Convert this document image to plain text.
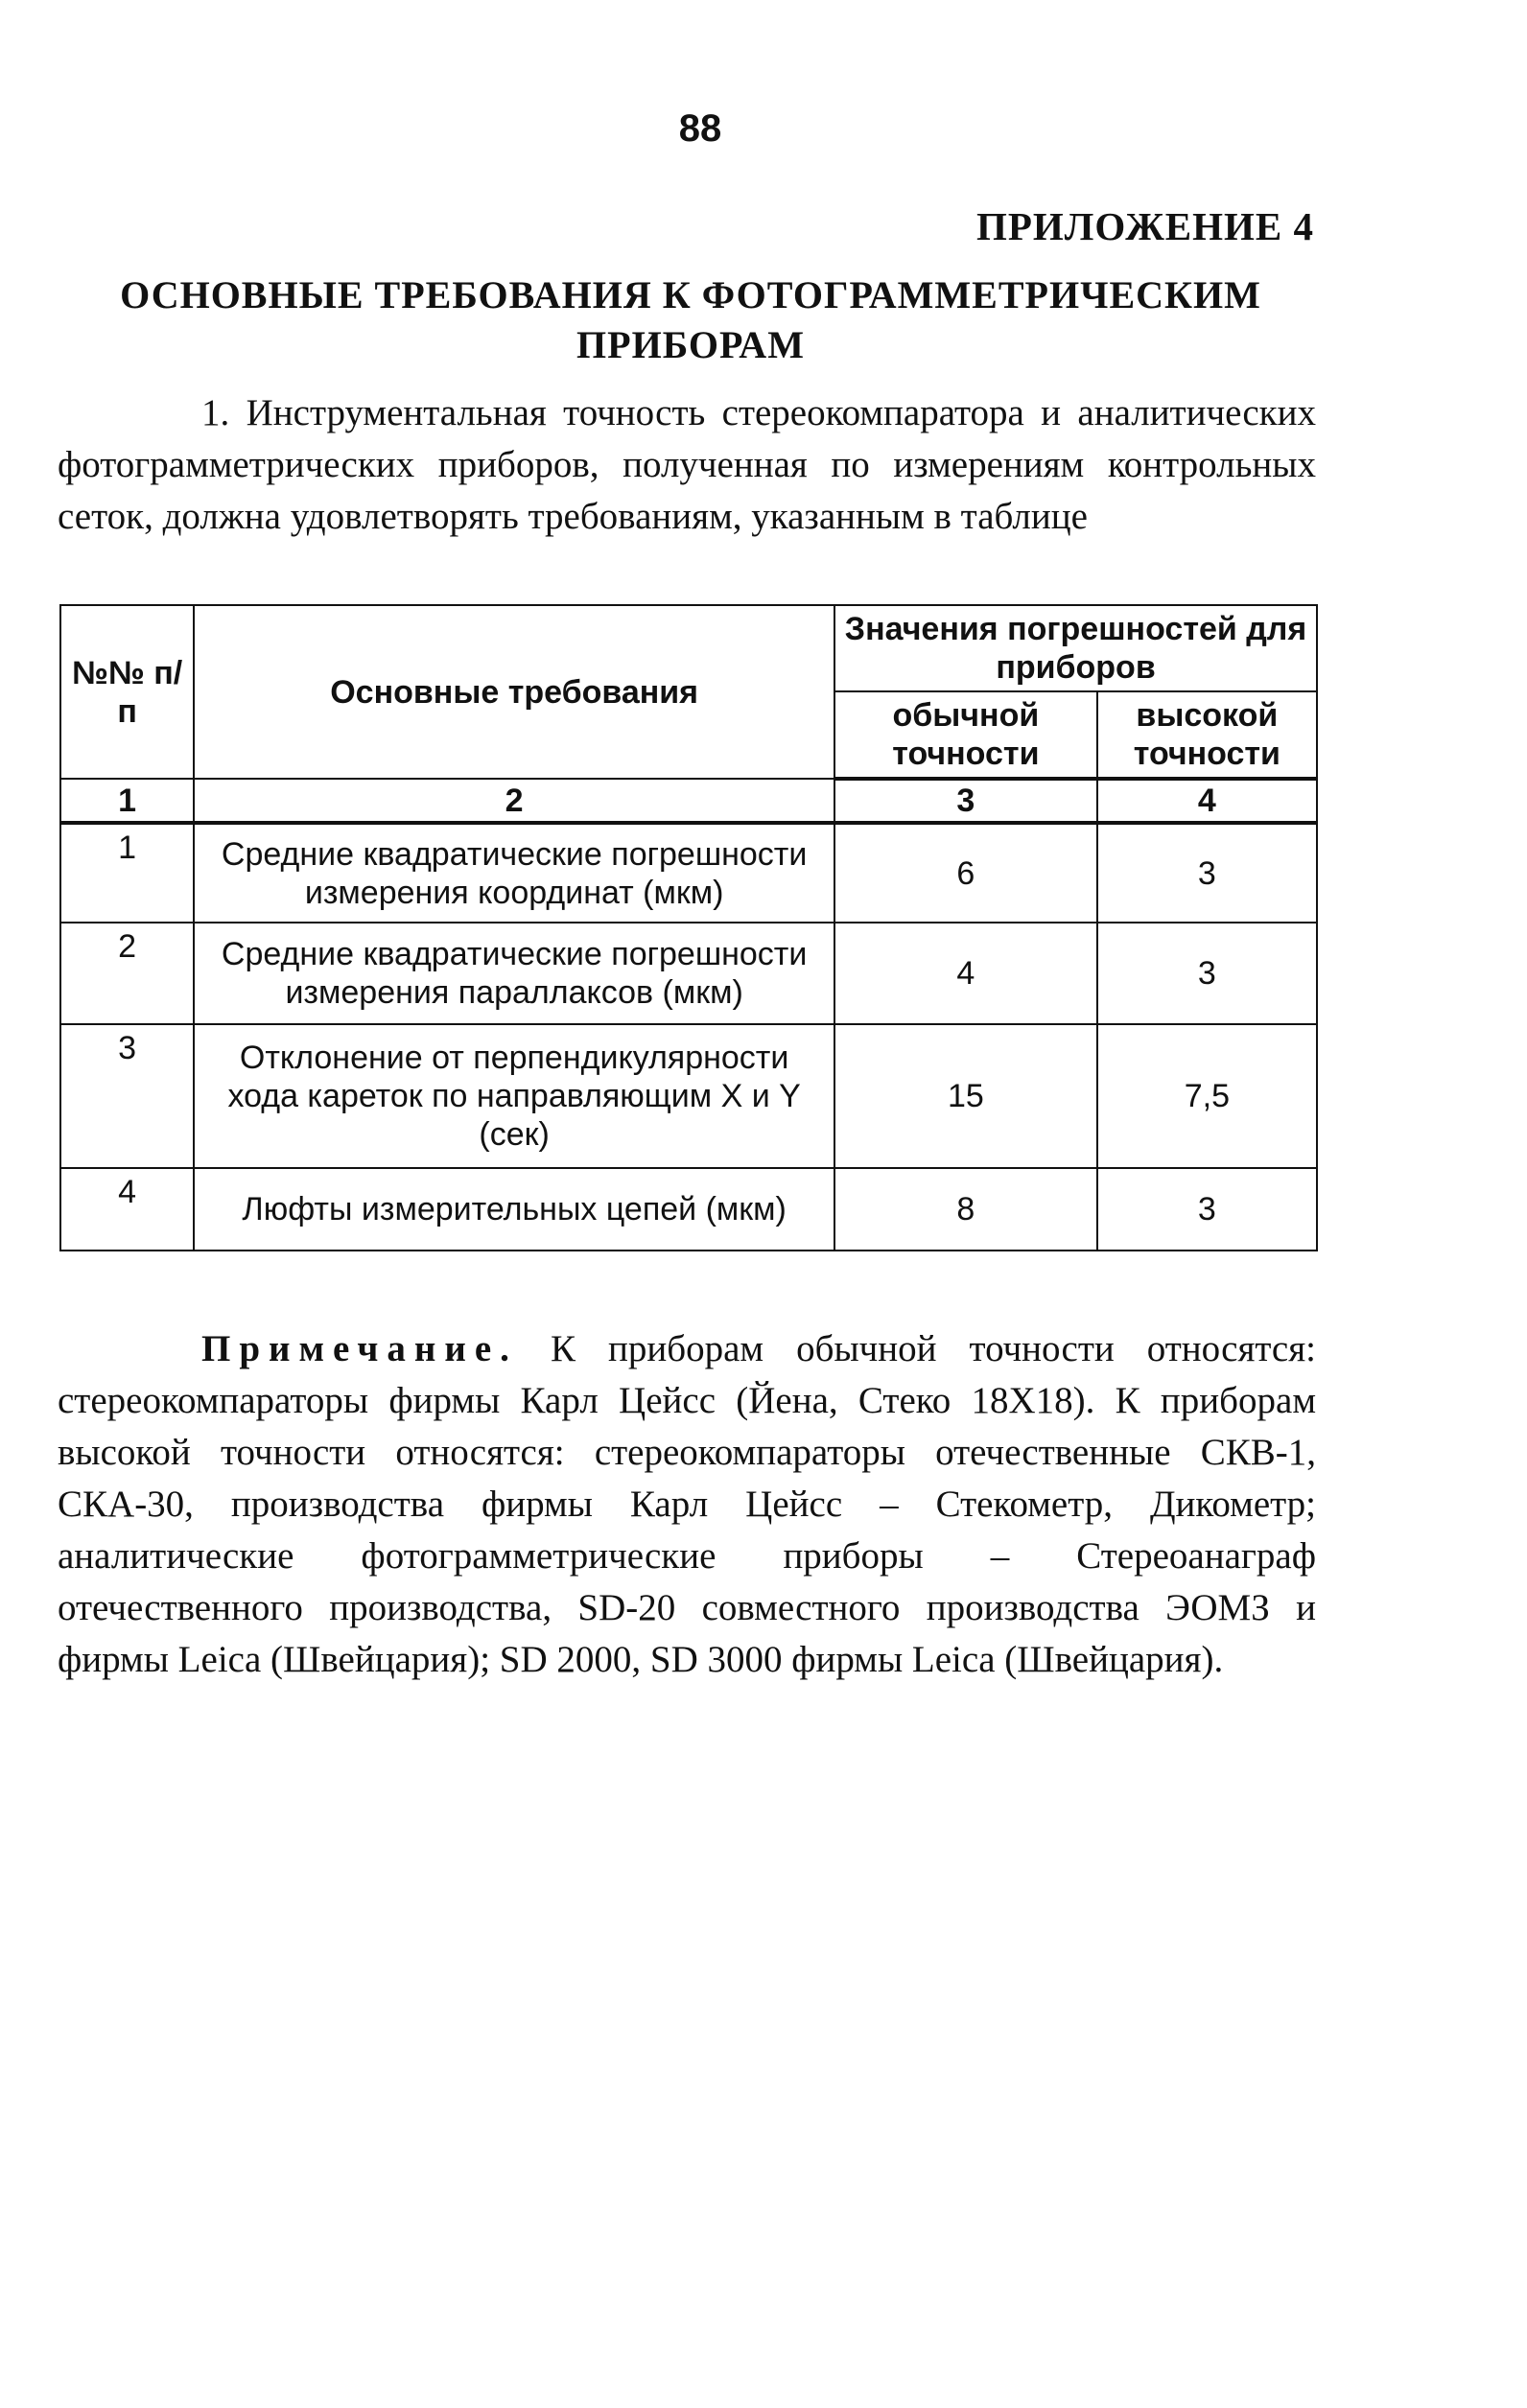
88
ПРИЛОЖЕНИЕ 4
ОСНОВНЫЕ ТРЕБОВАНИЯ К ФОТОГРАММЕТРИЧЕСКИМ ПРИБОРАМ
1. Инструментальная точность стереокомпаратора и аналитических фотограмметрических приборов, полученная по измерениям контрольных сеток, должна удовлетворять требованиям, указанным в таблице
№№ п/п	Основные требования	Значения погрешностей для приборов	
		обычной точности	высокой точности
1	2	3	4
1	Средние квадратические погрешности измерения координат (мкм)	6	3
2	Средние квадратические погрешности измерения параллаксов (мкм)	4	3
3	Отклонение от перпендикулярности хода кареток по направляющим X и Y (сек)	15	7,5
4	Люфты измерительных цепей (мкм)	8	3
Примечание. К приборам обычной точности относятся: стереокомпараторы фирмы Карл Цейсс (Йена, Стеко 18Х18). К приборам высокой точности относятся: стереокомпараторы отечественные СКВ-1, СКА-30, производства фирмы Карл Цейсс – Стекометр, Дикометр; аналитические фотограмметрические приборы – Стереоанаграф отечественного производства, SD-20 совместного производства ЭОМЗ и фирмы Leica (Швейцария); SD 2000, SD 3000 фирмы Leica (Швейцария).
